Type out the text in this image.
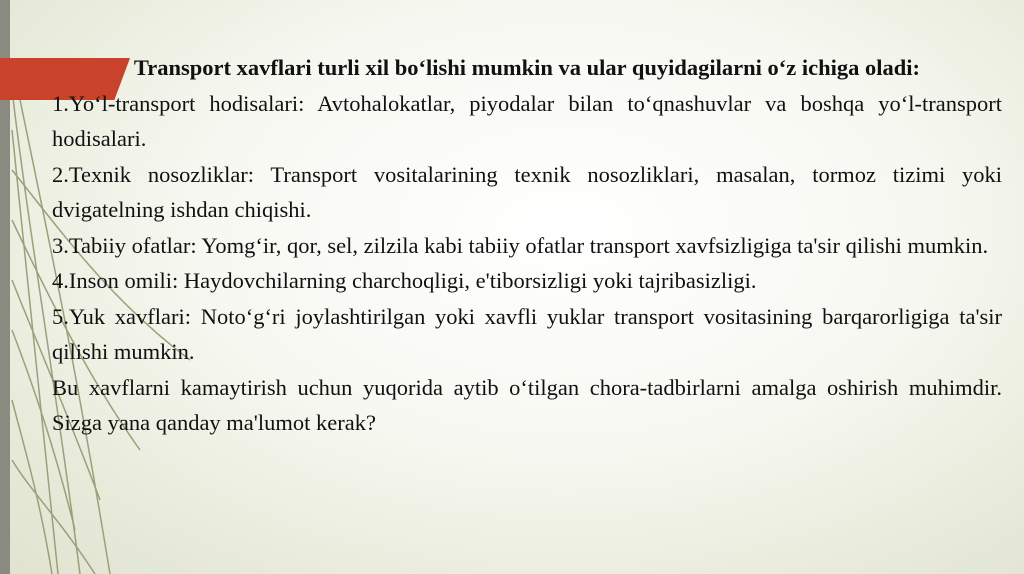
Transport xavflari turli xil bo‘lishi mumkin va ular quyidagilarni o‘z ichiga oladi:

1.Yo‘l-transport hodisalari: Avtohalokatlar, piyodalar bilan to‘qnashuvlar va boshqa yo‘l-transport hodisalari.

2.Texnik nosozliklar: Transport vositalarining texnik nosozliklari, masalan, tormoz tizimi yoki dvigatelning ishdan chiqishi.

3.Tabiiy ofatlar: Yomg‘ir, qor, sel, zilzila kabi tabiiy ofatlar transport xavfsizligiga ta'sir qilishi mumkin.

4.Inson omili: Haydovchilarning charchoqligi, e'tiborsizligi yoki tajribasizligi.

5.Yuk xavflari: Noto‘g‘ri joylashtirilgan yoki xavfli yuklar transport vositasining barqarorligiga ta'sir qilishi mumkin.

Bu xavflarni kamaytirish uchun yuqorida aytib o‘tilgan chora-tadbirlarni amalga oshirish muhimdir. Sizga yana qanday ma'lumot kerak?
